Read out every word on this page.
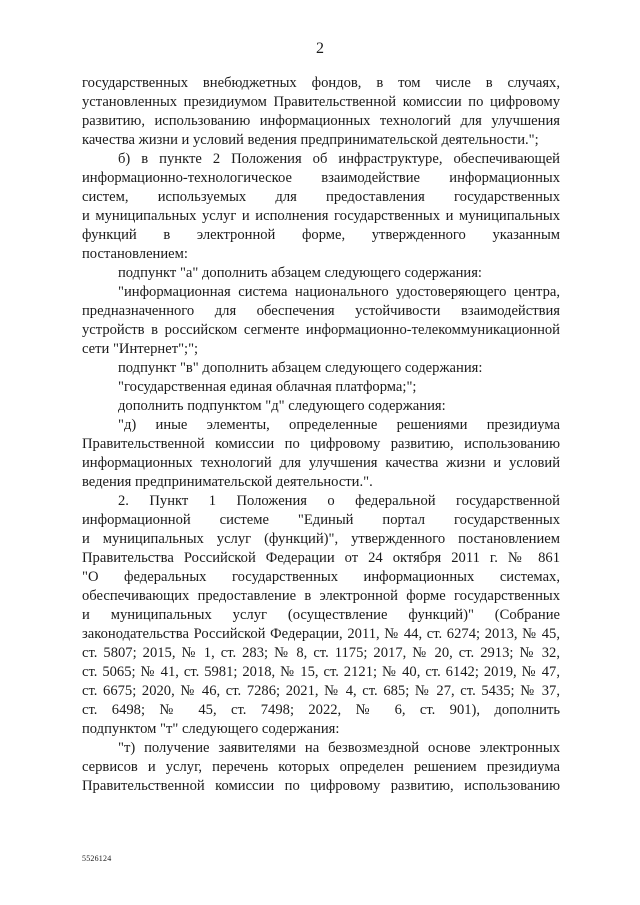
2
государственных внебюджетных фондов, в том числе в случаях,
установленных президиумом Правительственной комиссии по цифровому
развитию, использованию информационных технологий для улучшения
качества жизни и условий ведения предпринимательской деятельности.";
б) в пункте 2 Положения об инфраструктуре, обеспечивающей
информационно-технологическое взаимодействие информационных
систем, используемых для предоставления государственных
и муниципальных услуг и исполнения государственных и муниципальных
функций в электронной форме, утвержденного указанным
постановлением:
подпункт "а" дополнить абзацем следующего содержания:
"информационная система национального удостоверяющего центра,
предназначенного для обеспечения устойчивости взаимодействия
устройств в российском сегменте информационно-телекоммуникационной
сети "Интернет";";
подпункт "в" дополнить абзацем следующего содержания:
"государственная единая облачная платформа;";
дополнить подпунктом "д" следующего содержания:
"д) иные элементы, определенные решениями президиума
Правительственной комиссии по цифровому развитию, использованию
информационных технологий для улучшения качества жизни и условий
ведения предпринимательской деятельности.".
2. Пункт 1 Положения о федеральной государственной
информационной системе "Единый портал государственных
и муниципальных услуг (функций)", утвержденного постановлением
Правительства Российской Федерации от 24 октября 2011 г. № 861
"О федеральных государственных информационных системах,
обеспечивающих предоставление в электронной форме государственных
и муниципальных услуг (осуществление функций)" (Собрание
законодательства Российской Федерации, 2011, № 44, ст. 6274; 2013, № 45,
ст. 5807; 2015, № 1, ст. 283; № 8, ст. 1175; 2017, № 20, ст. 2913; № 32,
ст. 5065; № 41, ст. 5981; 2018, № 15, ст. 2121; № 40, ст. 6142; 2019, № 47,
ст. 6675; 2020, № 46, ст. 7286; 2021, № 4, ст. 685; № 27, ст. 5435; № 37,
ст. 6498; № 45, ст. 7498; 2022, № 6, ст. 901), дополнить
подпунктом "т" следующего содержания:
"т) получение заявителями на безвозмездной основе электронных
сервисов и услуг, перечень которых определен решением президиума
Правительственной комиссии по цифровому развитию, использованию
5526124
